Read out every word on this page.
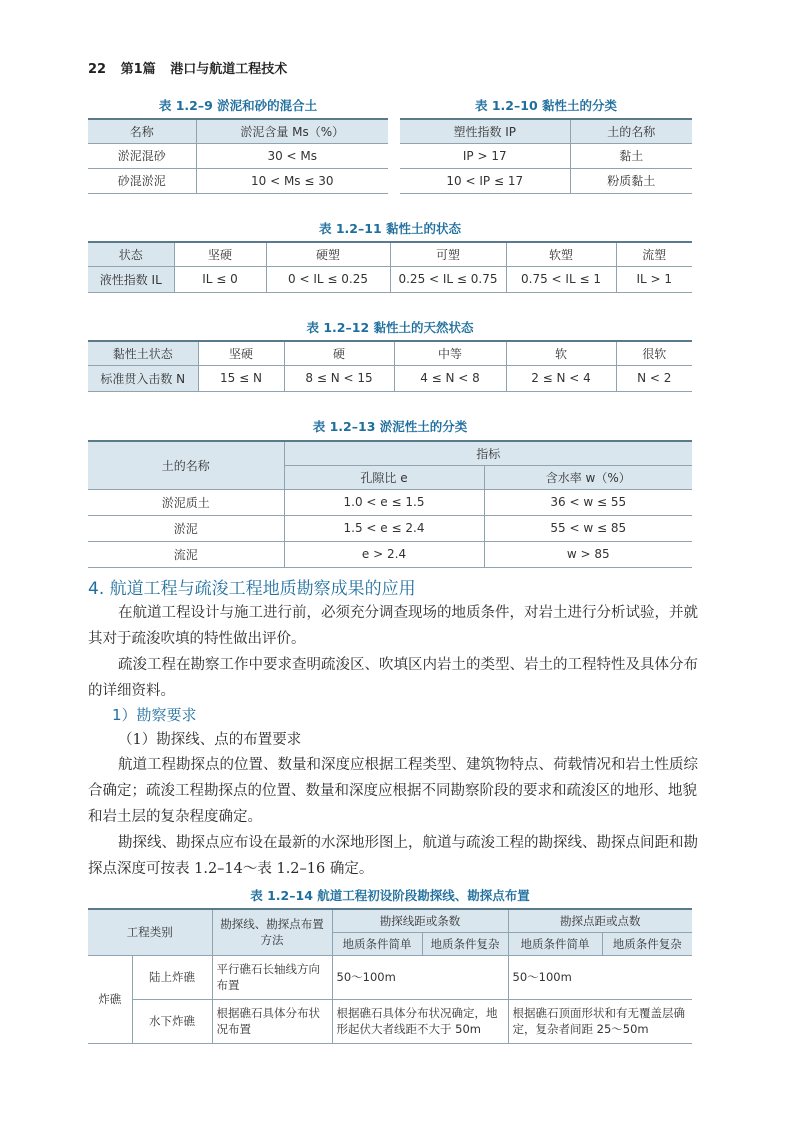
22 第1篇 港口与航道工程技术
表 1.2–9 淤泥和砂的混合土
名称	淤泥含量 Ms（%）
淤泥混砂	30 < Ms
砂混淤泥	10 < Ms ≤ 30
表 1.2–10 黏性土的分类
塑性指数 IP	土的名称
IP > 17	黏土
10 < IP ≤ 17	粉质黏土
表 1.2–11 黏性土的状态
状态	坚硬	硬塑	可塑	软塑	流塑
液性指数 IL	IL ≤ 0	0 < IL ≤ 0.25	0.25 < IL ≤ 0.75	0.75 < IL ≤ 1	IL > 1
表 1.2–12 黏性土的天然状态
黏性土状态	坚硬	硬	中等	软	很软
标准贯入击数 N	15 ≤ N	8 ≤ N < 15	4 ≤ N < 8	2 ≤ N < 4	N < 2
表 1.2–13 淤泥性土的分类
土的名称	指标	
	孔隙比 e	含水率 w（%）
淤泥质土	1.0 < e ≤ 1.5	36 < w ≤ 55
淤泥	1.5 < e ≤ 2.4	55 < w ≤ 85
流泥	e > 2.4	w > 85
4. 航道工程与疏浚工程地质勘察成果的应用
在航道工程设计与施工进行前，必须充分调查现场的地质条件，对岩土进行分析试验，并就其对于疏浚吹填的特性做出评价。
疏浚工程在勘察工作中要求查明疏浚区、吹填区内岩土的类型、岩土的工程特性及具体分布的详细资料。
1）勘察要求
（1）勘探线、点的布置要求
航道工程勘探点的位置、数量和深度应根据工程类型、建筑物特点、荷载情况和岩土性质综合确定；疏浚工程勘探点的位置、数量和深度应根据不同勘察阶段的要求和疏浚区的地形、地貌和岩土层的复杂程度确定。
勘探线、勘探点应布设在最新的水深地形图上，航道与疏浚工程的勘探线、勘探点间距和勘探点深度可按表 1.2–14～表 1.2–16 确定。
表 1.2–14 航道工程初设阶段勘探线、勘探点布置
工程类别		勘探线、勘探点布置方法	勘探线距或条数		勘探点距或点数	
			地质条件简单	地质条件复杂	地质条件简单	地质条件复杂
炸礁	陆上炸礁	平行礁石长轴线方向布置	50～100m		50～100m	
	水下炸礁	根据礁石具体分布状况布置	根据礁石具体分布状况确定，地形起伏大者线距不大于 50m		根据礁石顶面形状和有无覆盖层确定，复杂者间距 25～50m	
